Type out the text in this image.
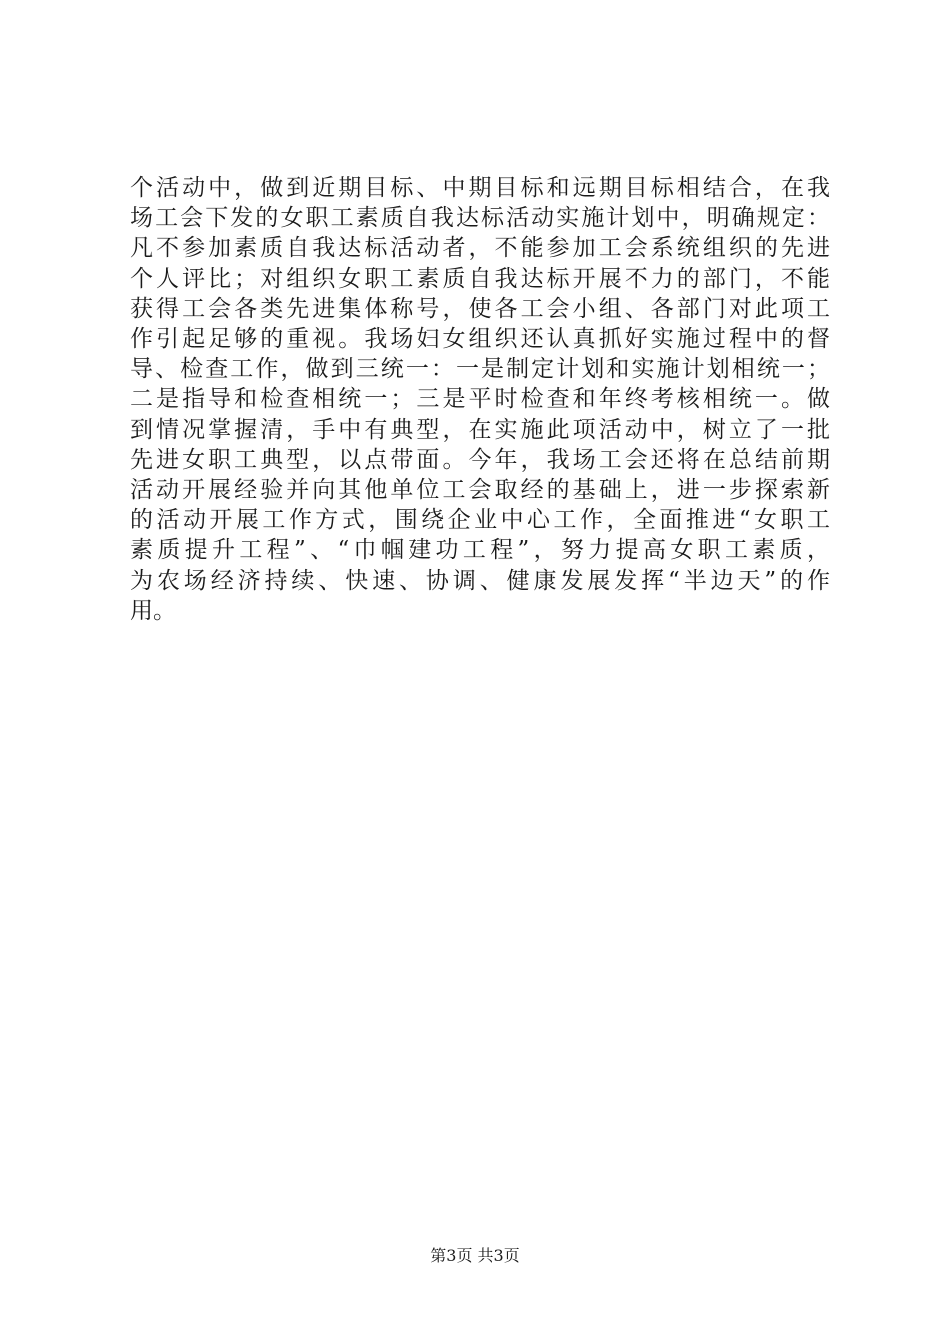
个活动中，做到近期目标、中期目标和远期目标相结合，在我
场工会下发的女职工素质自我达标活动实施计划中，明确规定：
凡不参加素质自我达标活动者，不能参加工会系统组织的先进
个人评比；对组织女职工素质自我达标开展不力的部门，不能
获得工会各类先进集体称号，使各工会小组、各部门对此项工
作引起足够的重视。我场妇女组织还认真抓好实施过程中的督
导、检查工作，做到三统一：一是制定计划和实施计划相统一；
二是指导和检查相统一；三是平时检查和年终考核相统一。做
到情况掌握清，手中有典型，在实施此项活动中，树立了一批
先进女职工典型，以点带面。今年，我场工会还将在总结前期
活动开展经验并向其他单位工会取经的基础上，进一步探索新
的活动开展工作方式，围绕企业中心工作，全面推进“女职工
素质提升工程”、“巾帼建功工程”，努力提高女职工素质，
为农场经济持续、快速、协调、健康发展发挥“半边天”的作
用。

第3页 共3页
